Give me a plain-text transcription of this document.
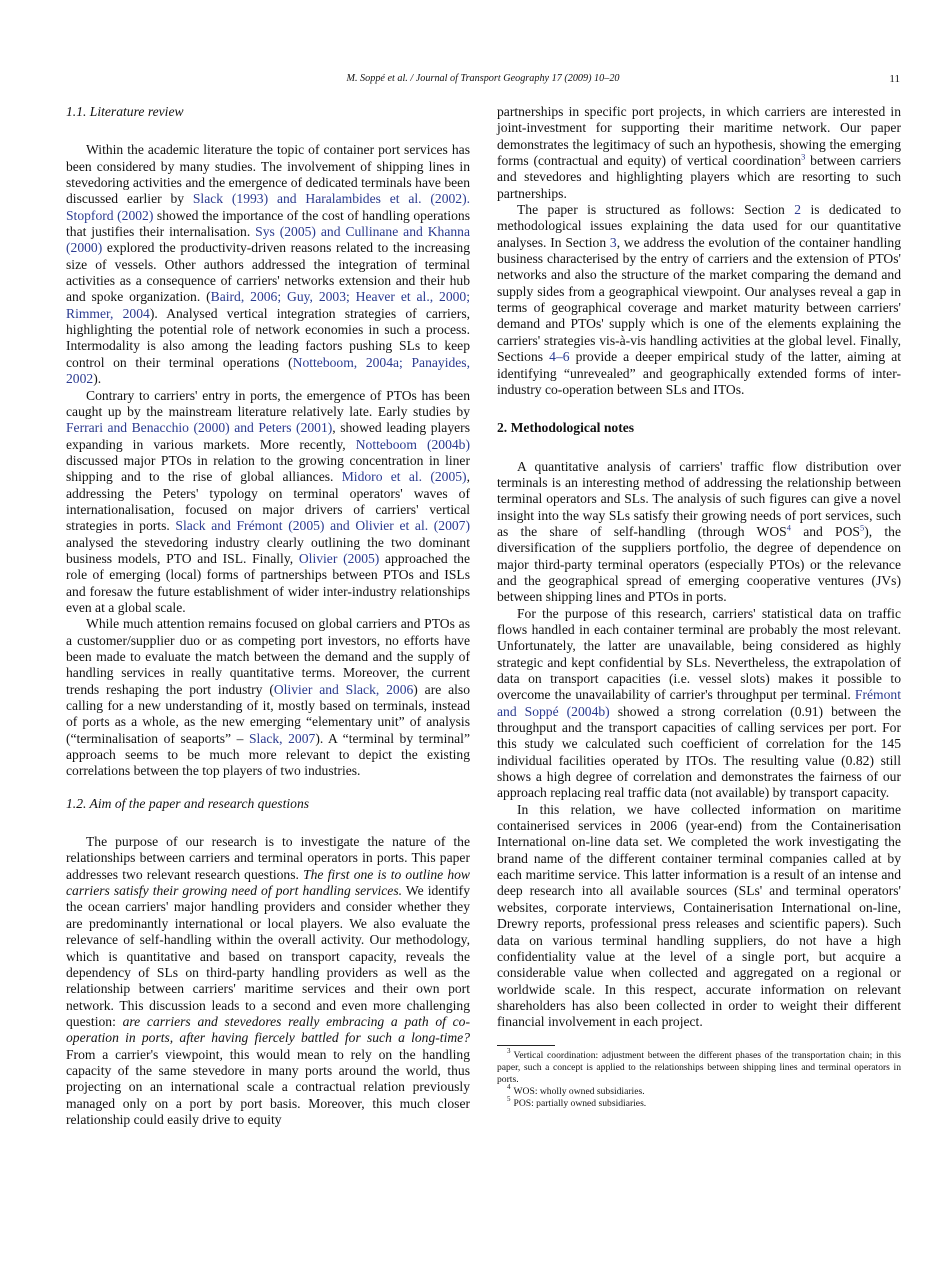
M. Soppé et al. / Journal of Transport Geography 17 (2009) 10–20	11
1.1. Literature review

Within the academic literature the topic of container port services has been considered by many studies. The involvement of shipping lines in stevedoring activities and the emergence of dedicated terminals have been discussed earlier by Slack (1993) and Haralambides et al. (2002). Stopford (2002) showed the importance of the cost of handling operations that justifies their internalisation. Sys (2005) and Cullinane and Khanna (2000) explored the productivity-driven reasons related to the increasing size of vessels. Other authors addressed the integration of terminal activities as a consequence of carriers' networks extension and their hub and spoke organization. (Baird, 2006; Guy, 2003; Heaver et al., 2000; Rimmer, 2004). Analysed vertical integration strategies of carriers, highlighting the potential role of network economies in such a process. Intermodality is also among the leading factors pushing SLs to keep control on their terminal operations (Notteboom, 2004a; Panayides, 2002).

Contrary to carriers' entry in ports, the emergence of PTOs has been caught up by the mainstream literature relatively late. Early studies by Ferrari and Benacchio (2000) and Peters (2001), showed leading players expanding in various markets. More recently, Notteboom (2004b) discussed major PTOs in relation to the growing concentration in liner shipping and to the rise of global alliances. Midoro et al. (2005), addressing the Peters' typology on terminal operators' waves of internationalisation, focused on major drivers of carriers' vertical strategies in ports. Slack and Frémont (2005) and Olivier et al. (2007) analysed the stevedoring industry clearly outlining the two dominant business models, PTO and ISL. Finally, Olivier (2005) approached the role of emerging (local) forms of partnerships between PTOs and ISLs and foresaw the future establishment of wider inter-industry relationships even at a global scale.

While much attention remains focused on global carriers and PTOs as a customer/supplier duo or as competing port investors, no efforts have been made to evaluate the match between the demand and the supply of handling services in really quantitative terms. Moreover, the current trends reshaping the port industry (Olivier and Slack, 2006) are also calling for a new understanding of it, mostly based on terminals, instead of ports as a whole, as the new emerging “elementary unit” of analysis (“terminalisation of seaports” – Slack, 2007). A “terminal by terminal” approach seems to be much more relevant to depict the existing correlations between the top players of two industries.

1.2. Aim of the paper and research questions

The purpose of our research is to investigate the nature of the relationships between carriers and terminal operators in ports. This paper addresses two relevant research questions. The first one is to outline how carriers satisfy their growing need of port handling services. We identify the ocean carriers' major handling providers and consider whether they are predominantly international or local players. We also evaluate the relevance of self-handling within the overall activity. Our methodology, which is quantitative and based on transport capacity, reveals the dependency of SLs on third-party handling providers as well as the relationship between carriers' maritime services and their own port network. This discussion leads to a second and even more challenging question: are carriers and stevedores really embracing a path of co-operation in ports, after having fiercely battled for such a long-time? From a carrier's viewpoint, this would mean to rely on the handling capacity of the same stevedore in many ports around the world, thus projecting on an international scale a contractual relation previously managed only on a port by port basis. Moreover, this much closer relationship could easily drive to equity

partnerships in specific port projects, in which carriers are interested in joint-investment for supporting their maritime network. Our paper demonstrates the legitimacy of such an hypothesis, showing the emerging forms (contractual and equity) of vertical coordination$^3$ between carriers and stevedores and highlighting players which are resorting to such partnerships.

The paper is structured as follows: Section 2 is dedicated to methodological issues explaining the data used for our quantitative analyses. In Section 3, we address the evolution of the container handling business characterised by the entry of carriers and the extension of PTOs' networks and also the structure of the market comparing the demand and supply sides from a geographical viewpoint. Our analyses reveal a gap in terms of geographical coverage and market maturity between carriers' demand and PTOs' supply which is one of the elements explaining the carriers' strategies vis-à-vis handling activities at the global level. Finally, Sections 4–6 provide a deeper empirical study of the latter, aiming at identifying “unrevealed” and geographically extended forms of inter-industry co-operation between SLs and ITOs.

2. Methodological notes

A quantitative analysis of carriers' traffic flow distribution over terminals is an interesting method of addressing the relationship between terminal operators and SLs. The analysis of such figures can give a novel insight into the way SLs satisfy their growing needs of port services, such as the share of self-handling (through WOS$^4$ and POS$^5$), the diversification of the suppliers portfolio, the degree of dependence on major third-party terminal operators (especially PTOs) or the relevance and the geographical spread of emerging cooperative ventures (JVs) between shipping lines and PTOs in ports.

For the purpose of this research, carriers' statistical data on traffic flows handled in each container terminal are probably the most relevant. Unfortunately, the latter are unavailable, being considered as highly strategic and kept confidential by SLs. Nevertheless, the extrapolation of data on transport capacities (i.e. vessel slots) makes it possible to overcome the unavailability of carrier's throughput per terminal. Frémont and Soppé (2004b) showed a strong correlation (0.91) between the throughput and the transport capacities of calling services per port. For this study we calculated such coefficient of correlation for the 145 individual facilities operated by ITOs. The resulting value (0.82) still shows a high degree of correlation and demonstrates the fairness of our approach replacing real traffic data (not available) by transport capacity.

In this relation, we have collected information on maritime containerised services in 2006 (year-end) from the Containerisation International on-line data set. We completed the work investigating the brand name of the different container terminal companies called at by each maritime service. This latter information is a result of an intense and deep research into all available sources (SLs' and terminal operators' websites, corporate interviews, Containerisation International on-line, Drewry reports, professional press releases and scientific papers). Such data on various terminal handling suppliers, do not have a high confidentiality value at the level of a single port, but acquire a considerable value when collected and aggregated on a regional or worldwide scale. In this respect, accurate information on relevant shareholders has also been collected in order to weight their different financial involvement in each project.

$^3$ Vertical coordination: adjustment between the different phases of the transportation chain; in this paper, such a concept is applied to the relationships between shipping lines and terminal operators in ports.

$^4$ WOS: wholly owned subsidiaries.

$^5$ POS: partially owned subsidiaries.
